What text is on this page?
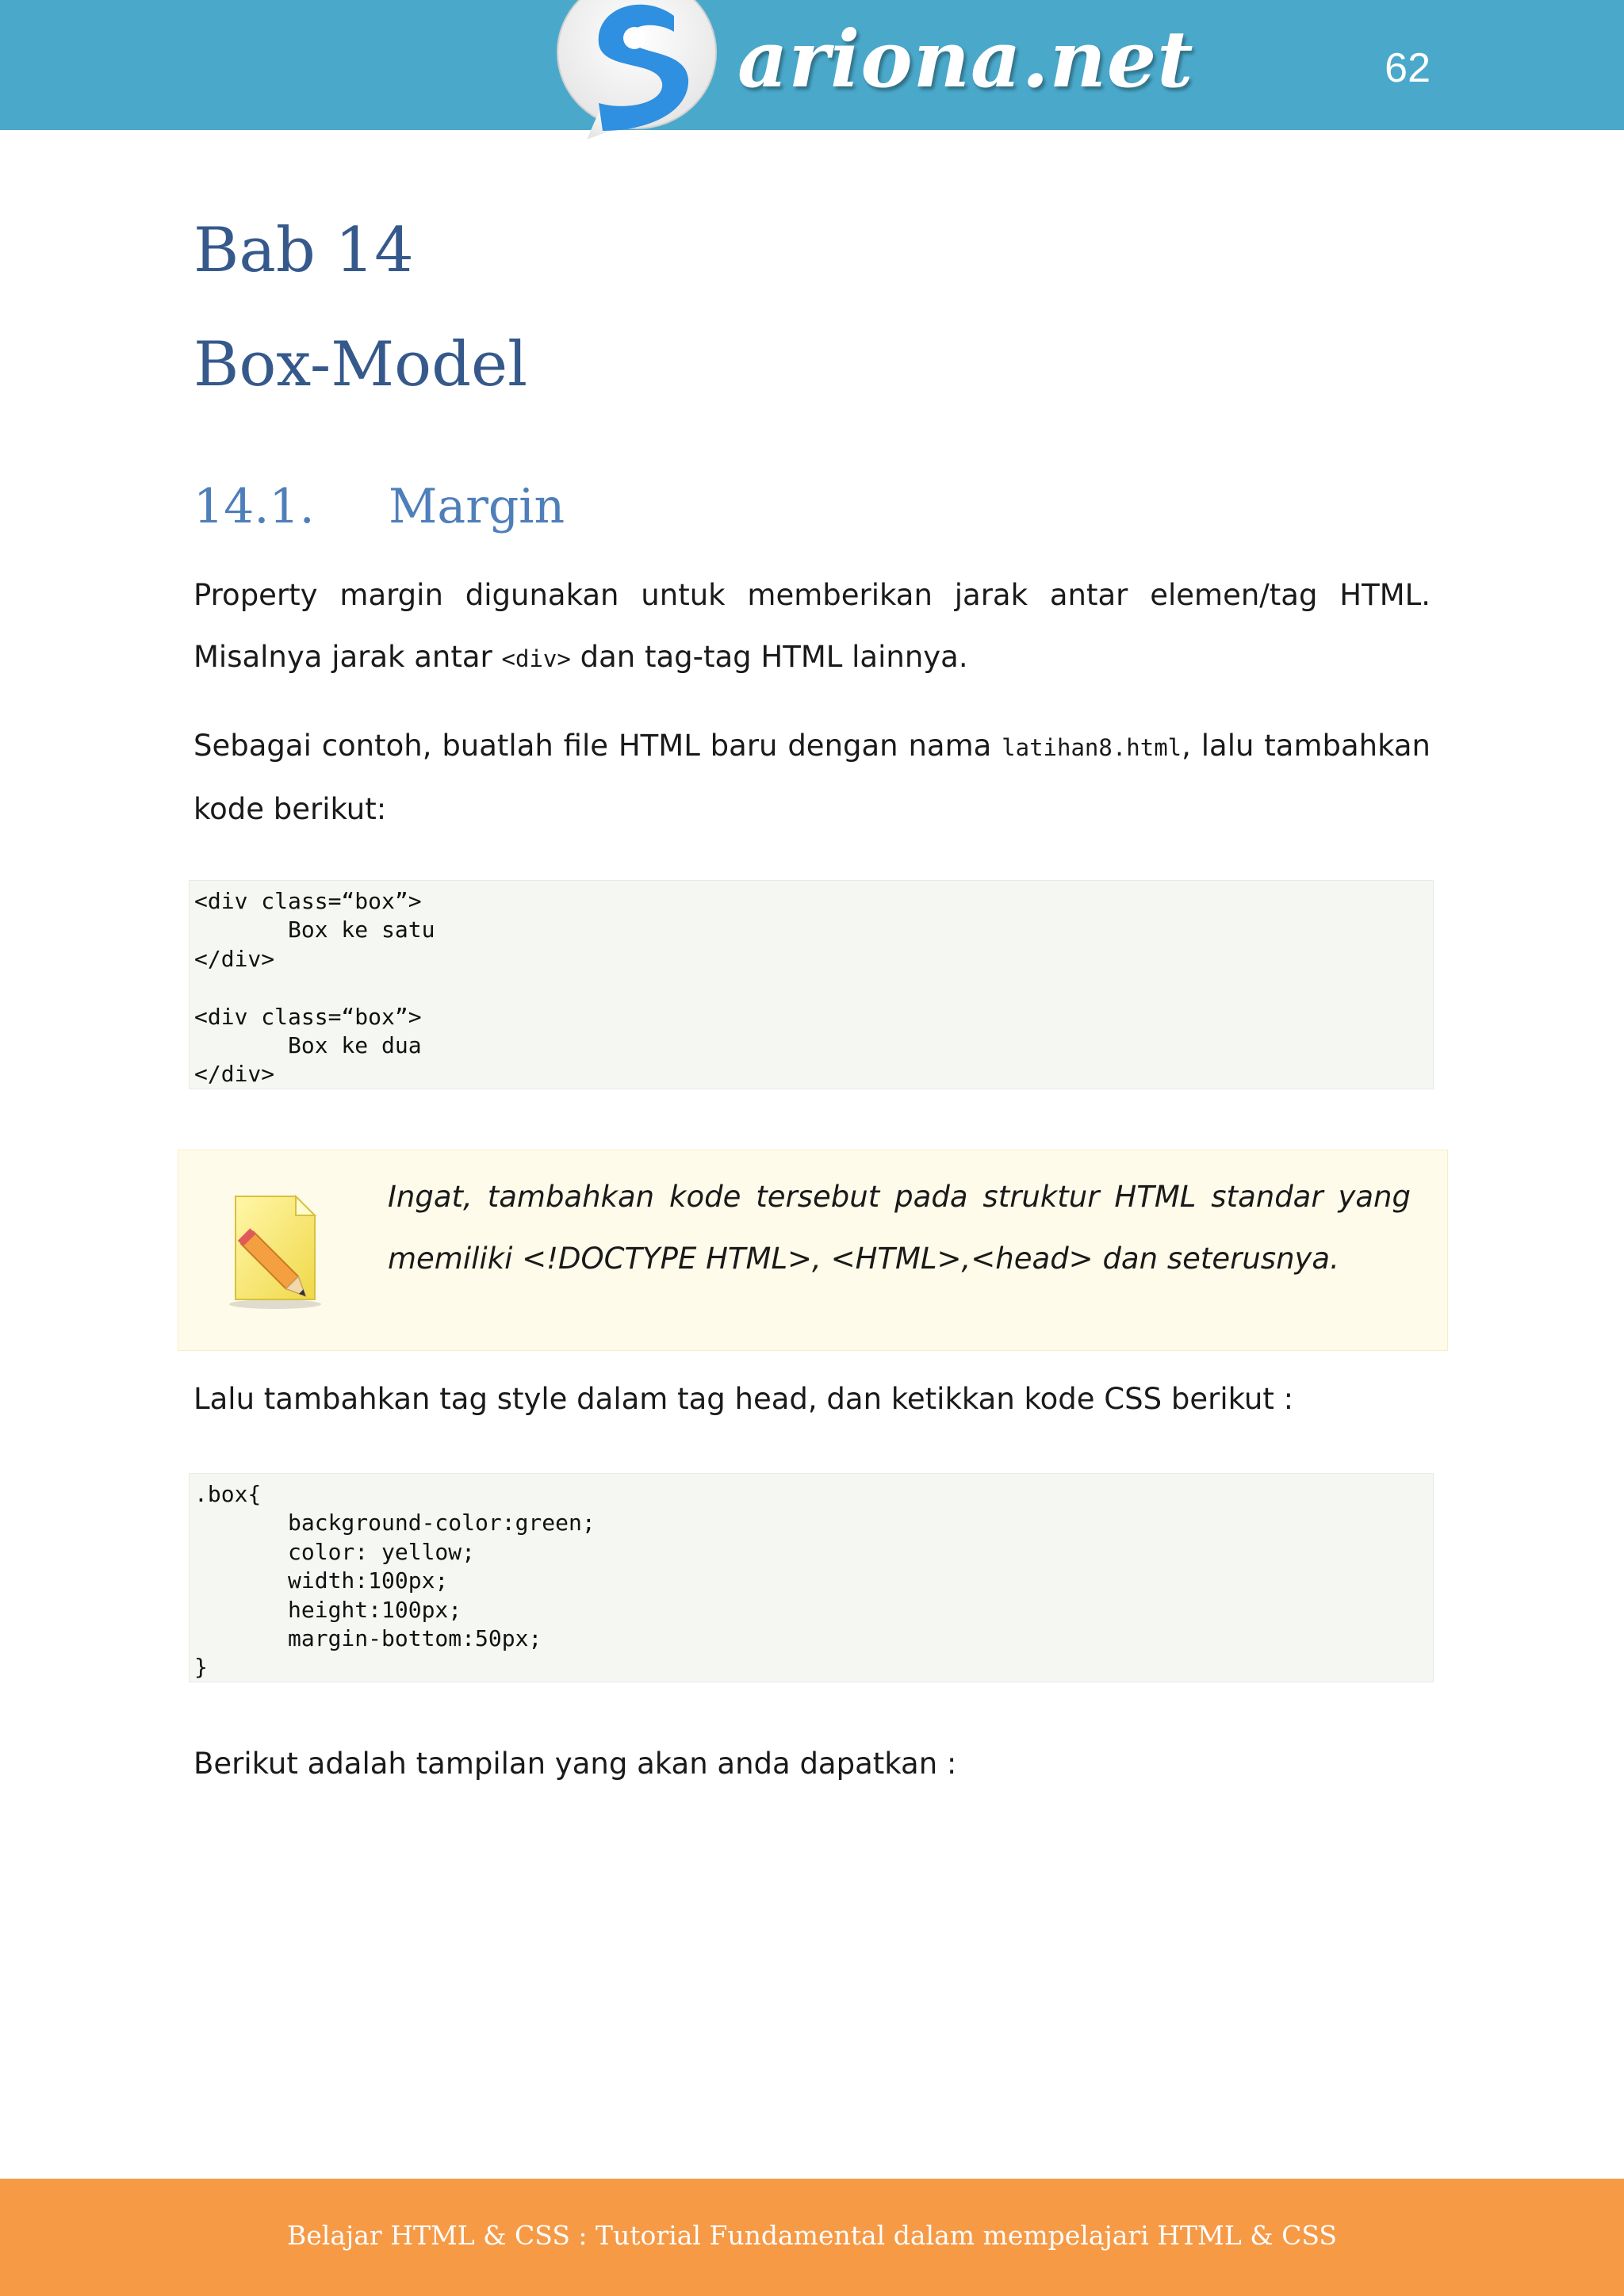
ariona.net	62
Bab 14
Box-Model
14.1. Margin

Property margin digunakan untuk memberikan jarak antar elemen/tag HTML. Misalnya jarak antar <div> dan tag-tag HTML lainnya.

Sebagai contoh, buatlah file HTML baru dengan nama latihan8.html, lalu tambahkan kode berikut:

<div class=“box”>
Box ke satu
</div>
<div class=“box”>
Box ke dua
</div>

Ingat, tambahkan kode tersebut pada struktur HTML standar yang memiliki <!DOCTYPE HTML>, <HTML>,<head> dan seterusnya.

Lalu tambahkan tag style dalam tag head, dan ketikkan kode CSS berikut :

.box{
background-color:green;
color: yellow;
width:100px;
height:100px;
margin-bottom:50px;
}

Berikut adalah tampilan yang akan anda dapatkan :

Belajar HTML & CSS : Tutorial Fundamental dalam mempelajari HTML & CSS
